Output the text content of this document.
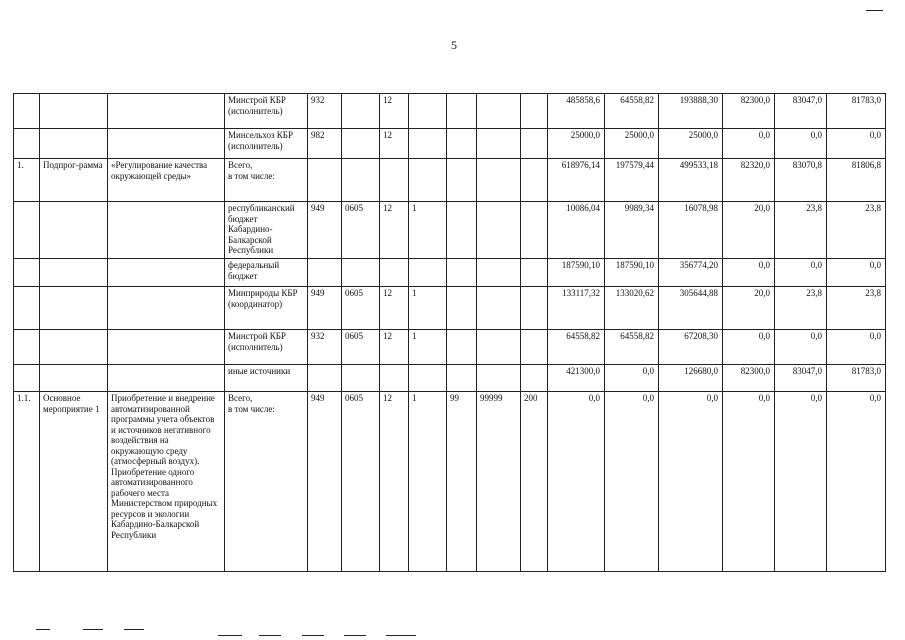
5
			Минстрой КБР (исполнитель)	932		12					485858,6	64558,82	193888,30	82300,0	83047,0	81783,0
			Минсельхоз КБР (исполнитель)	982		12					25000,0	25000,0	25000,0	0,0	0,0	0,0
1.	Подпрог-рамма	«Регулирование качества окружающей среды»	Всего,
в том числе:								618976,14	197579,44	499533,18	82320,0	83070,8	81806,8
			республиканский бюджет Кабардино-Балкарской Республики	949	0605	12	1				10086,04	9989,34	16078,98	20,0	23,8	23,8
			федеральный бюджет								187590,10	187590,10	356774,20	0,0	0,0	0,0
			Минприроды КБР (координатор)	949	0605	12	1				133117,32	133020,62	305644,88	20,0	23,8	23,8
			Минстрой КБР (исполнитель)	932	0605	12	1				64558,82	64558,82	67208,30	0,0	0,0	0,0
			иные источники								421300,0	0,0	126680,0	82300,0	83047,0	81783,0
1.1.	Основное мероприятие 1	Приобретение и внедрение автоматизированной программы учета объектов и источников негативного воздействия на окружающую среду (атмосферный воздух). Приобретение одного автоматизированного рабочего места Министерством природных ресурсов и экологии Кабардино-Балкарской Республики	Всего,
в том числе:	949	0605	12	1	99	99999	200	0,0	0,0	0,0	0,0	0,0	0,0
